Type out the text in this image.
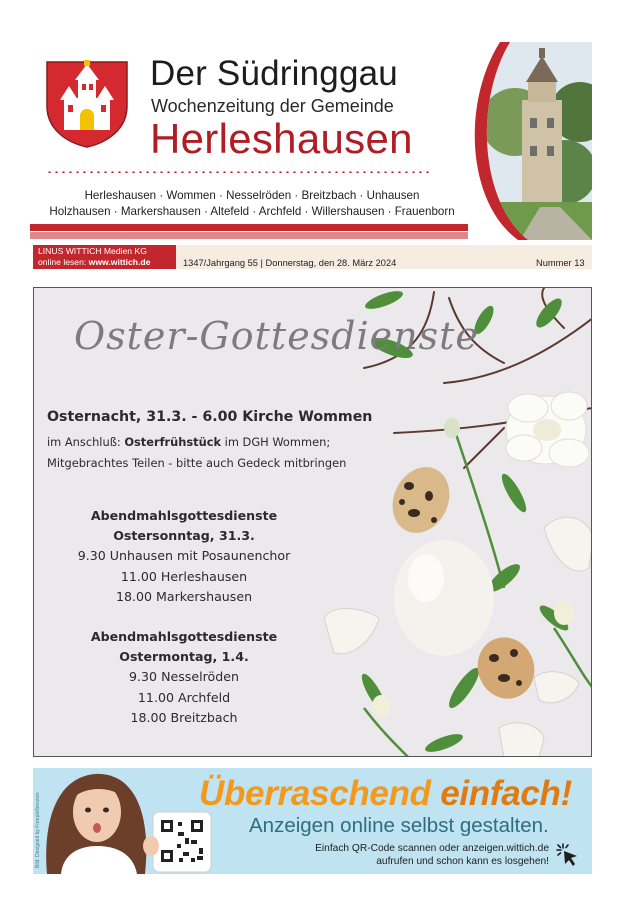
Der Südringgau
Wochenzeitung der Gemeinde
Herleshausen
Herleshausen · Wommen · Nesselröden · Breitzbach · Unhausen
Holzhausen · Markershausen · Altefeld · Archfeld · Willershausen · Frauenborn
LINUS WITTICH Medien KG
online lesen: www.wittich.de	1347/Jahrgang 55 | Donnerstag, den 28. März 2024	Nummer 13
Oster-Gottesdienste
Osternacht, 31.3. - 6.00 Kirche Wommen
im Anschluß: Osterfrühstück im DGH Wommen;
Mitgebrachtes Teilen - bitte auch Gedeck mitbringen
Abendmahlsgottesdienste
Ostersonntag, 31.3.
9.30 Unhausen mit Posaunenchor
11.00 Herleshausen
18.00 Markershausen
Abendmahlsgottesdienste
Ostermontag, 1.4.
9.30 Nesselröden
11.00 Archfeld
18.00 Breitzbach
Bild: Designed by Freepik/benzoix	Überraschend einfach!
Anzeigen online selbst gestalten.
Einfach QR-Code scannen oder anzeigen.wittich.de
aufrufen und schon kann es losgehen!
